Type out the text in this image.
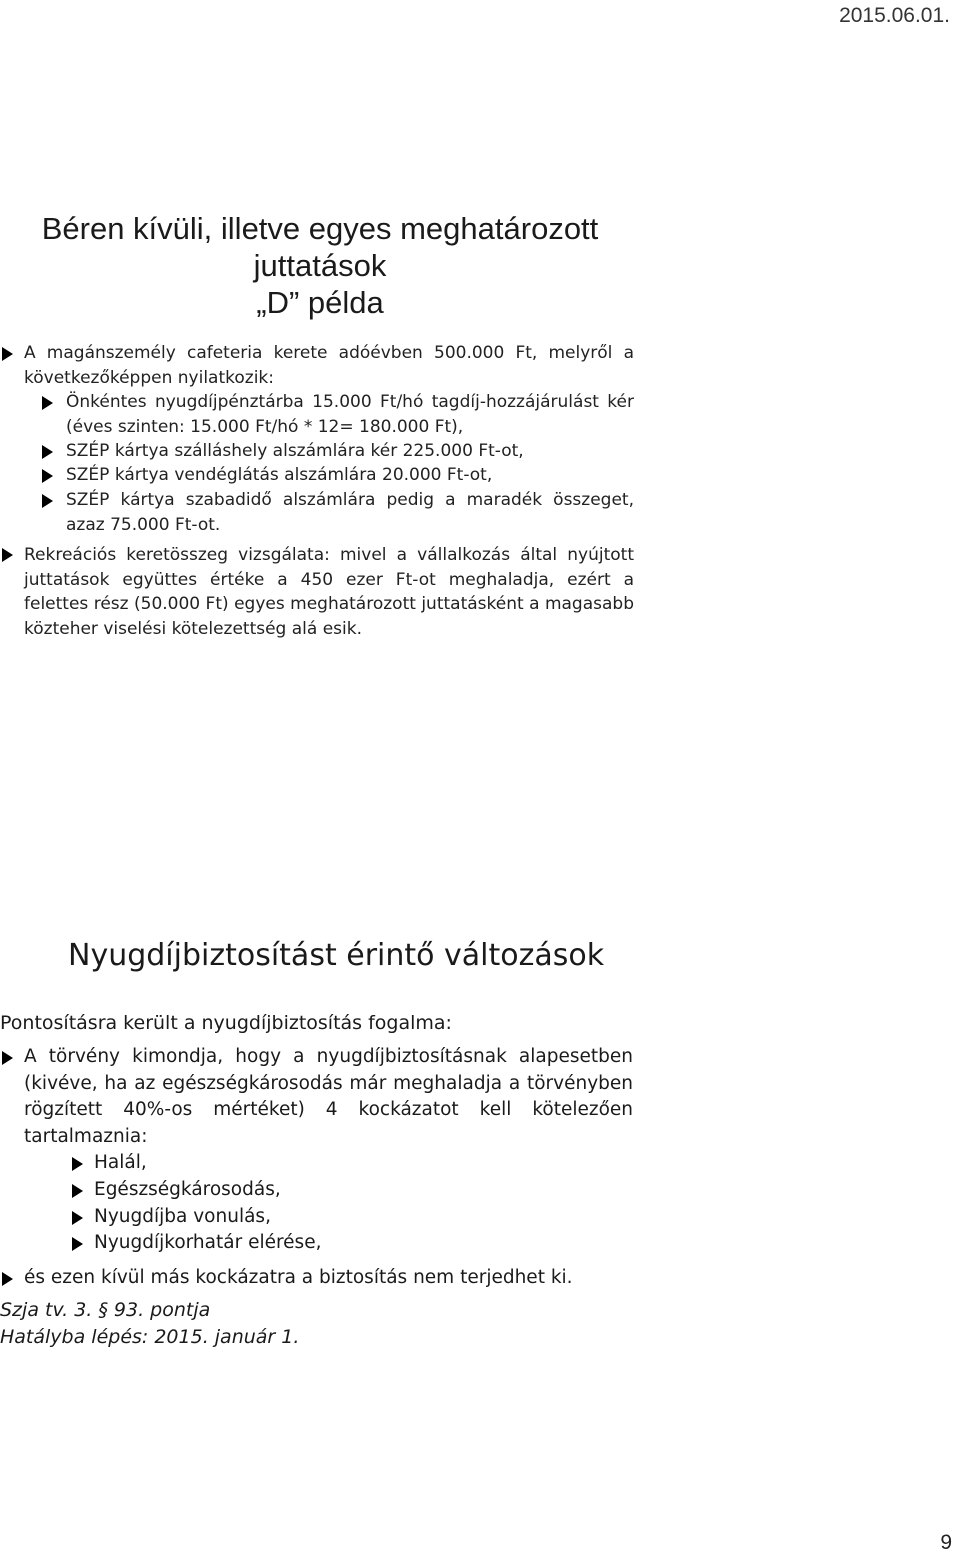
2015.06.01.
Béren kívüli, illetve egyes meghatározott
juttatások
„D” példa

A magánszemély cafeteria kerete adóévben 500.000 Ft, melyről a következőképpen nyilatkozik:

Önkéntes nyugdíjpénztárba 15.000 Ft/hó tagdíj-hozzájárulást kér (éves szinten: 15.000 Ft/hó * 12= 180.000 Ft),

SZÉP kártya szálláshely alszámlára kér 225.000 Ft-ot,

SZÉP kártya vendéglátás alszámlára 20.000 Ft-ot,

SZÉP kártya szabadidő alszámlára pedig a maradék összeget, azaz 75.000 Ft-ot.

Rekreációs keretösszeg vizsgálata: mivel a vállalkozás által nyújtott juttatások együttes értéke a 450 ezer Ft-ot meghaladja, ezért a felettes rész (50.000 Ft) egyes meghatározott juttatásként a magasabb közteher viselési kötelezettség alá esik.

Nyugdíjbiztosítást érintő változások
Pontosításra került a nyugdíjbiztosítás fogalma:

A törvény kimondja, hogy a nyugdíjbiztosításnak alapesetben (kivéve, ha az egészségkárosodás már meghaladja a törvényben rögzített 40%-os mértéket) 4 kockázatot kell kötelezően tartalmaznia:

Halál,

Egészségkárosodás,

Nyugdíjba vonulás,

Nyugdíjkorhatár elérése,

és ezen kívül más kockázatra a biztosítás nem terjedhet ki.

Szja tv. 3. § 93. pontja
Hatályba lépés: 2015. január 1.
9
